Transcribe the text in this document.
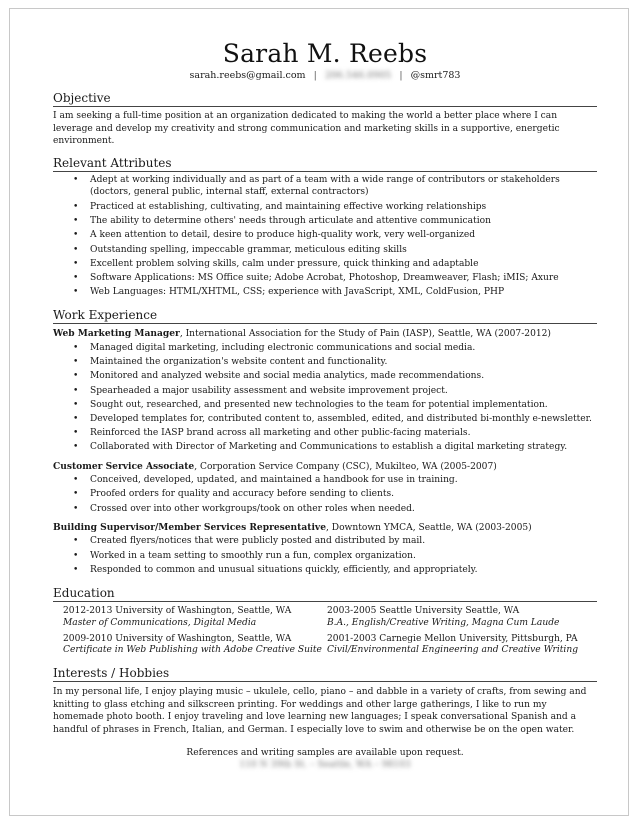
Sarah M. Reebs
sarah.reebs@gmail.com | 206.546.0905 | @smrt783
Objective
I am seeking a full-time position at an organization dedicated to making the world a better place where I can leverage and develop my creativity and strong communication and marketing skills in a supportive, energetic environment.
Relevant Attributes
• Adept at working individually and as part of a team with a wide range of contributors or stakeholders (doctors, general public, internal staff, external contractors)
• Practiced at establishing, cultivating, and maintaining effective working relationships
• The ability to determine others' needs through articulate and attentive communication
• A keen attention to detail, desire to produce high-quality work, very well-organized
• Outstanding spelling, impeccable grammar, meticulous editing skills
• Excellent problem solving skills, calm under pressure, quick thinking and adaptable
• Software Applications: MS Office suite; Adobe Acrobat, Photoshop, Dreamweaver, Flash; iMIS; Axure
• Web Languages: HTML/XHTML, CSS; experience with JavaScript, XML, ColdFusion, PHP
Work Experience
Web Marketing Manager, International Association for the Study of Pain (IASP), Seattle, WA (2007-2012)
• Managed digital marketing, including electronic communications and social media.
• Maintained the organization's website content and functionality.
• Monitored and analyzed website and social media analytics, made recommendations.
• Spearheaded a major usability assessment and website improvement project.
• Sought out, researched, and presented new technologies to the team for potential implementation.
• Developed templates for, contributed content to, assembled, edited, and distributed bi-monthly e-newsletter.
• Reinforced the IASP brand across all marketing and other public-facing materials.
• Collaborated with Director of Marketing and Communications to establish a digital marketing strategy.
Customer Service Associate, Corporation Service Company (CSC), Mukilteo, WA (2005-2007)
• Conceived, developed, updated, and maintained a handbook for use in training.
• Proofed orders for quality and accuracy before sending to clients.
• Crossed over into other workgroups/took on other roles when needed.
Building Supervisor/Member Services Representative, Downtown YMCA, Seattle, WA (2003-2005)
• Created flyers/notices that were publicly posted and distributed by mail.
• Worked in a team setting to smoothly run a fun, complex organization.
• Responded to common and unusual situations quickly, efficiently, and appropriately.
Education
2012-2013 University of Washington, Seattle, WA
Master of Communications, Digital Media
2003-2005 Seattle University Seattle, WA
B.A., English/Creative Writing, Magna Cum Laude
2009-2010 University of Washington, Seattle, WA
Certificate in Web Publishing with Adobe Creative Suite
2001-2003 Carnegie Mellon University, Pittsburgh, PA
Civil/Environmental Engineering and Creative Writing
Interests / Hobbies
In my personal life, I enjoy playing music – ukulele, cello, piano – and dabble in a variety of crafts, from sewing and knitting to glass etching and silkscreen printing. For weddings and other large gatherings, I like to run my homemade photo booth. I enjoy traveling and love learning new languages; I speak conversational Spanish and a handful of phrases in French, Italian, and German. I especially love to swim and otherwise be on the open water.
References and writing samples are available upon request.
110 N 39th St. – Seattle, WA – 98103
